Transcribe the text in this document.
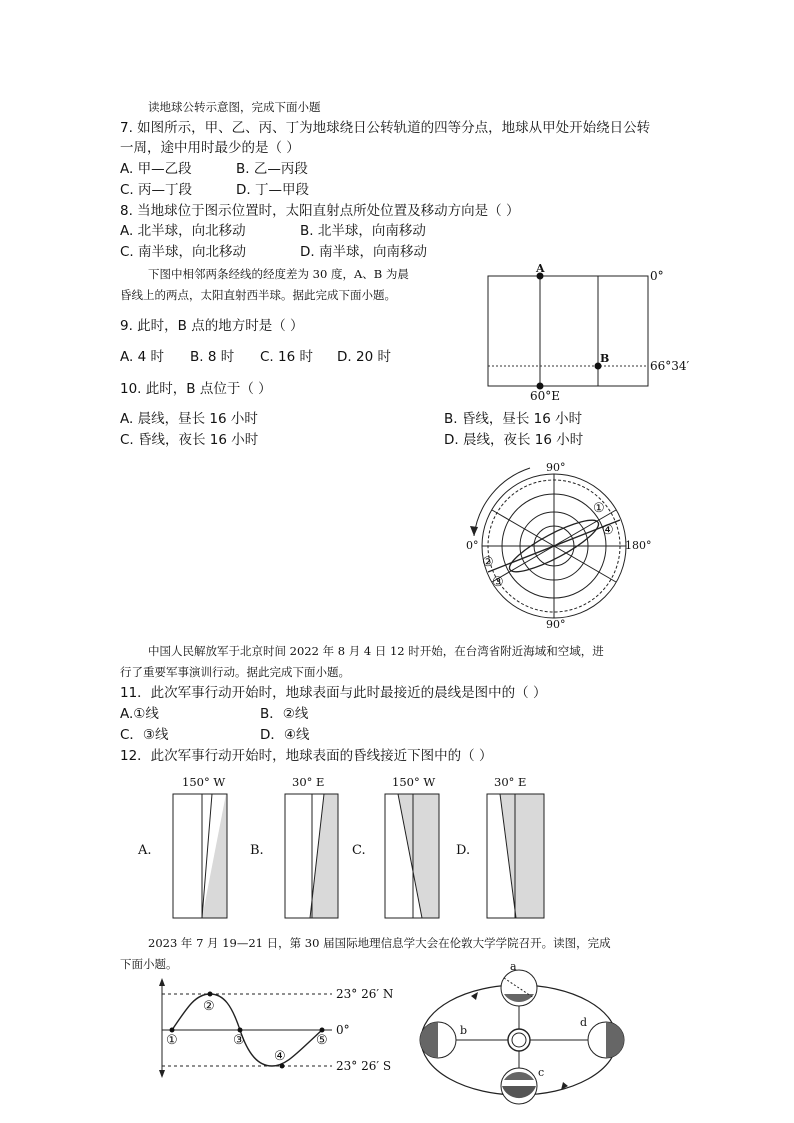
读地球公转示意图，完成下面小题
7. 如图所示，甲、乙、丙、丁为地球绕日公转轨道的四等分点，地球从甲处开始绕日公转
一周，途中用时最少的是（ ）
A. 甲—乙段	B. 乙—丙段
C. 丙—丁段	D. 丁—甲段
8. 当地球位于图示位置时，太阳直射点所处位置及移动方向是（ ）
A. 北半球，向北移动	B. 北半球，向南移动
C. 南半球，向北移动	D. 南半球，向南移动
下图中相邻两条经线的经度差为 30 度，A、B 为晨
昏线上的两点，太阳直射西半球。据此完成下面小题。
9. 此时，B 点的地方时是（ ）
A. 4 时 B. 8 时 C. 16 时 D. 20 时
10. 此时，B 点位于（ ）
A. 晨线，昼长 16 小时	B. 昏线，昼长 16 小时
C. 昏线，夜长 16 小时	D. 晨线，夜长 16 小时
A
B
0°
66°34′
60°E
90°
90°
0°	180°
①
④
②
③
中国人民解放军于北京时间 2022 年 8 月 4 日 12 时开始，在台湾省附近海域和空域，进
行了重要军事演训行动。据此完成下面小题。
11．此次军事行动开始时，地球表面与此时最接近的晨线是图中的（ ）
A.①线	B．②线
C．③线	D．④线
12．此次军事行动开始时，地球表面的昏线接近下图中的（ ）
A.
150° W
B.
30° E
C.
150° W
D.
30° E
2023 年 7 月 19—21 日，第 30 届国际地理信息学大会在伦敦大学学院召开。读图，完成
下面小题。
23° 26′ N
0°
23° 26′ S
①
②
③
④
⑤
a
b
c
d
